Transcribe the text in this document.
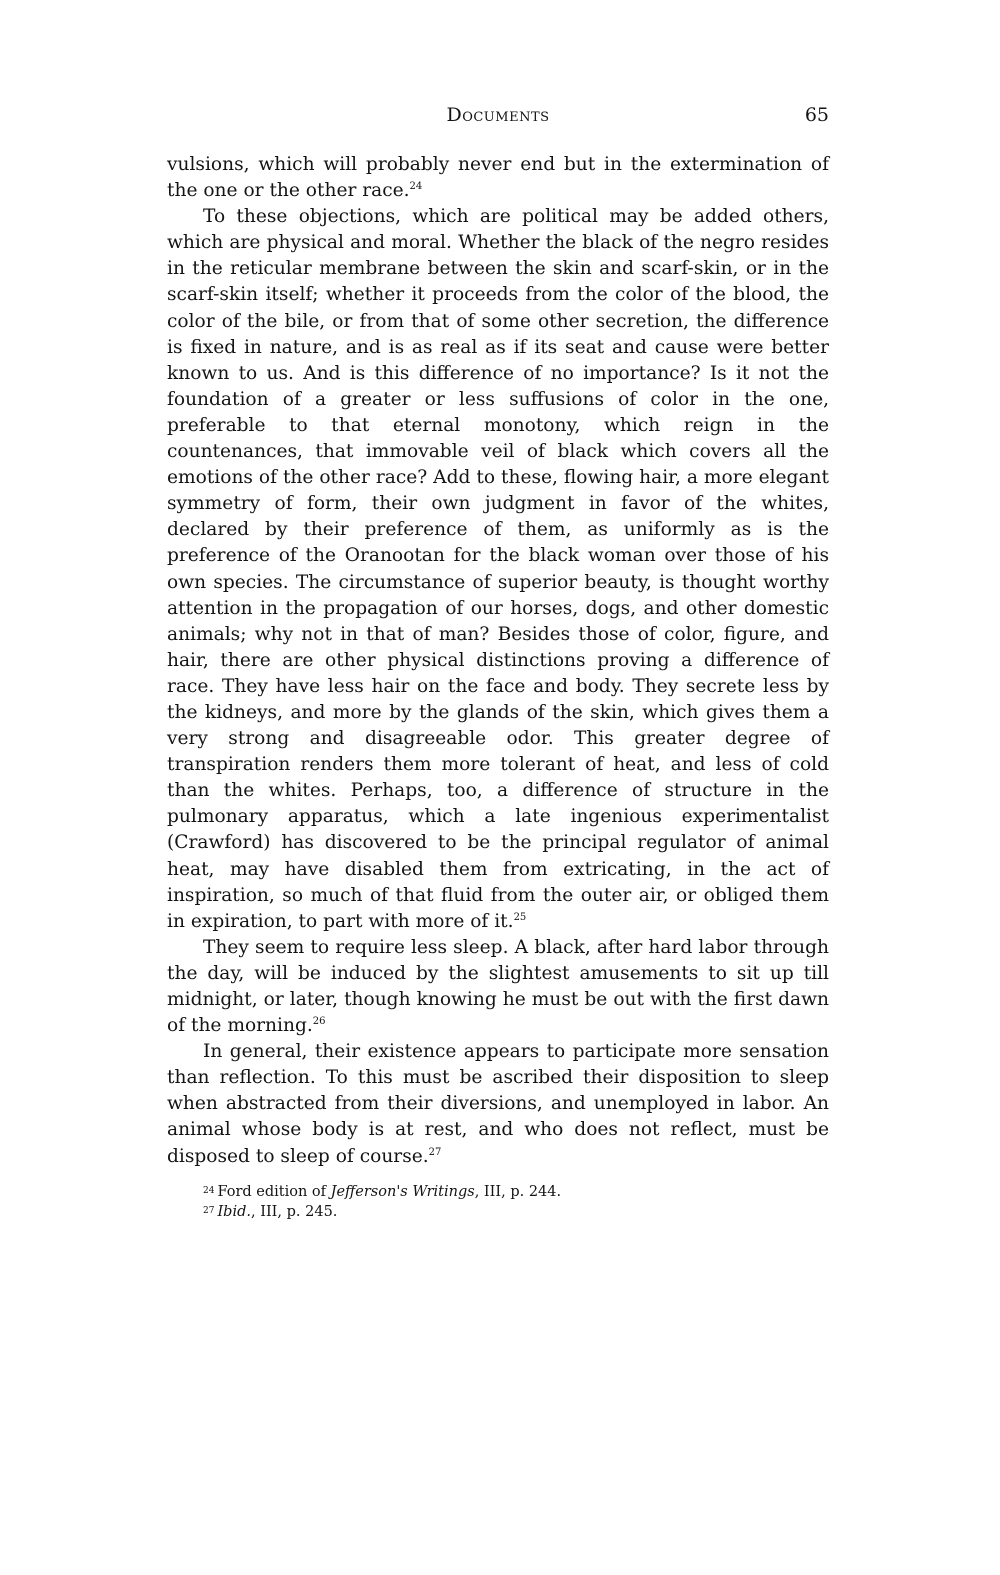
Documents	65

vulsions, which will probably never end but in the extermination of the one or the other race.$^{24}$

To these objections, which are political may be added others, which are physical and moral. Whether the black of the negro resides in the reticular membrane between the skin and scarf-skin, or in the scarf-skin itself; whether it proceeds from the color of the blood, the color of the bile, or from that of some other secretion, the difference is fixed in nature, and is as real as if its seat and cause were better known to us. And is this difference of no importance? Is it not the foundation of a greater or less suffusions of color in the one, preferable to that eternal monotony, which reign in the countenances, that immovable veil of black which covers all the emotions of the other race? Add to these, flowing hair, a more elegant symmetry of form, their own judgment in favor of the whites, declared by their preference of them, as uniformly as is the preference of the Oranootan for the black woman over those of his own species. The circumstance of superior beauty, is thought worthy attention in the propagation of our horses, dogs, and other domestic animals; why not in that of man? Besides those of color, figure, and hair, there are other physical distinctions proving a difference of race. They have less hair on the face and body. They secrete less by the kidneys, and more by the glands of the skin, which gives them a very strong and disagreeable odor. This greater degree of transpiration renders them more tolerant of heat, and less of cold than the whites. Perhaps, too, a difference of structure in the pulmonary apparatus, which a late ingenious experimentalist (Crawford) has discovered to be the principal regulator of animal heat, may have disabled them from extricating, in the act of inspiration, so much of that fluid from the outer air, or obliged them in expiration, to part with more of it.$^{25}$

They seem to require less sleep. A black, after hard labor through the day, will be induced by the slightest amusements to sit up till midnight, or later, though knowing he must be out with the first dawn of the morning.$^{26}$

In general, their existence appears to participate more sensation than reflection. To this must be ascribed their disposition to sleep when abstracted from their diversions, and unemployed in labor. An animal whose body is at rest, and who does not reflect, must be disposed to sleep of course.$^{27}$

$^{24}$ Ford edition of Jefferson's Writings, III, p. 244.

$^{27}$ Ibid., III, p. 245.
